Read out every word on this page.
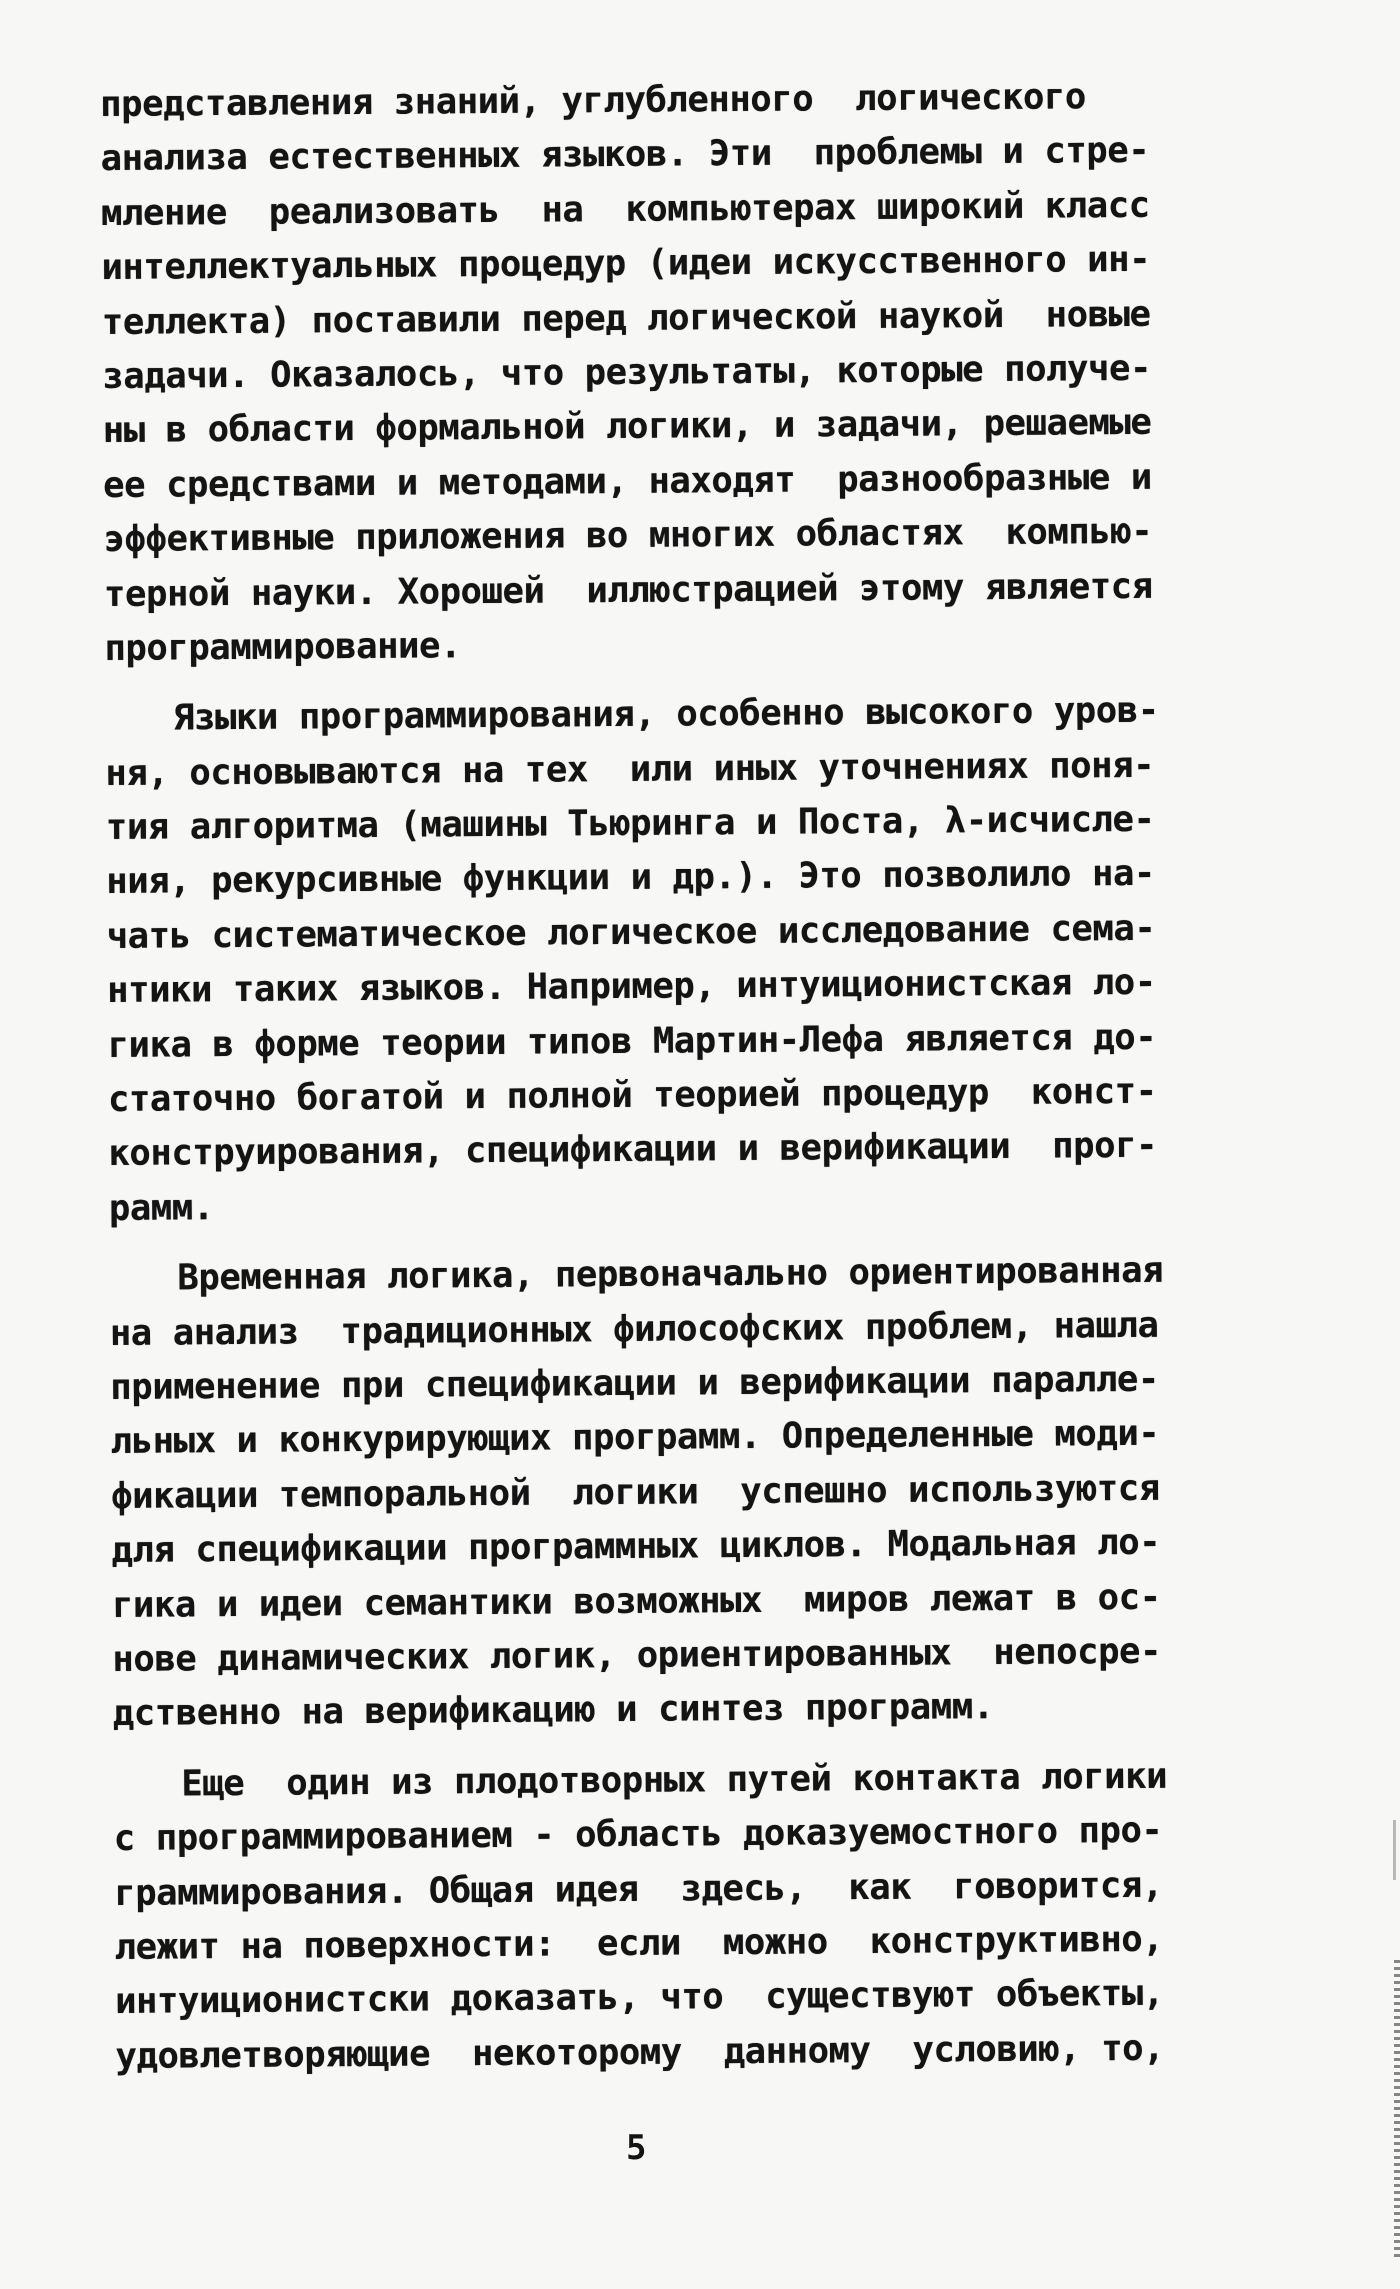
представления знаний, углубленного  логического
анализа естественных языков. Эти  проблемы и стре-
мление  реализовать  на  компьютерах широкий класс
интеллектуальных процедур (идеи искусственного ин-
теллекта) поставили перед логической наукой  новые
задачи. Оказалось, что результаты, которые получе-
ны в области формальной логики, и задачи, решаемые
ее средствами и методами, находят  разнообразные и
эффективные приложения во многих областях  компью-
терной науки. Хорошей  иллюстрацией этому является
программирование.
Языки программирования, особенно высокого уров-
ня, основываются на тех  или иных уточнениях поня-
тия алгоритма (машины Тьюринга и Поста, λ-исчисле-
ния, рекурсивные функции и др.). Это позволило на-
чать систематическое логическое исследование сема-
нтики таких языков. Например, интуиционистская ло-
гика в форме теории типов Мартин-Лефа является до-
статочно богатой и полной теорией процедур  конст-
конструирования, спецификации и верификации  прог-
рамм.
Временная логика, первоначально ориентированная
на анализ  традиционных философских проблем, нашла
применение при спецификации и верификации паралле-
льных и конкурирующих программ. Определенные моди-
фикации темпоральной  логики  успешно используются
для спецификации программных циклов. Модальная ло-
гика и идеи семантики возможных  миров лежат в ос-
нове динамических логик, ориентированных  непосре-
дственно на верификацию и синтез программ.
Еще  один из плодотворных путей контакта логики
с программированием - область доказуемостного про-
граммирования. Общая идея  здесь,  как  говорится,
лежит на поверхности:  если  можно  конструктивно,
интуиционистски доказать, что  существуют объекты,
удовлетворяющие  некоторому  данному  условию, то,
5
